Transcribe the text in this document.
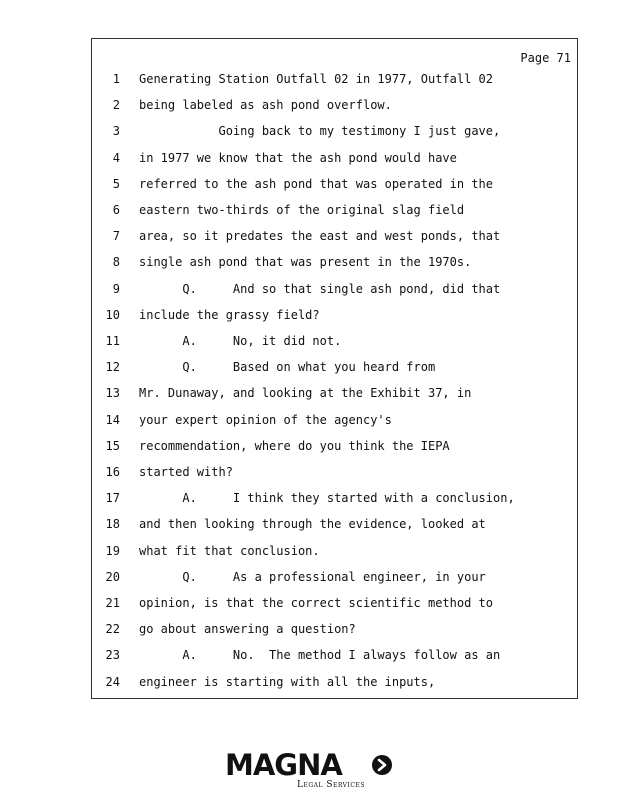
Page 71
1 Generating Station Outfall 02 in 1977, Outfall 02
2 being labeled as ash pond overflow.
3 Going back to my testimony I just gave,
4 in 1977 we know that the ash pond would have
5 referred to the ash pond that was operated in the
6 eastern two-thirds of the original slag field
7 area, so it predates the east and west ponds, that
8 single ash pond that was present in the 1970s.
9 Q.     And so that single ash pond, did that
10 include the grassy field?
11 A.     No, it did not.
12 Q.     Based on what you heard from
13 Mr. Dunaway, and looking at the Exhibit 37, in
14 your expert opinion of the agency's
15 recommendation, where do you think the IEPA
16 started with?
17 A.     I think they started with a conclusion,
18 and then looking through the evidence, looked at
19 what fit that conclusion.
20 Q.     As a professional engineer, in your
21 opinion, is that the correct scientific method to
22 go about answering a question?
23 A.     No.  The method I always follow as an
24 engineer is starting with all the inputs,
MAGNA
Legal Services
